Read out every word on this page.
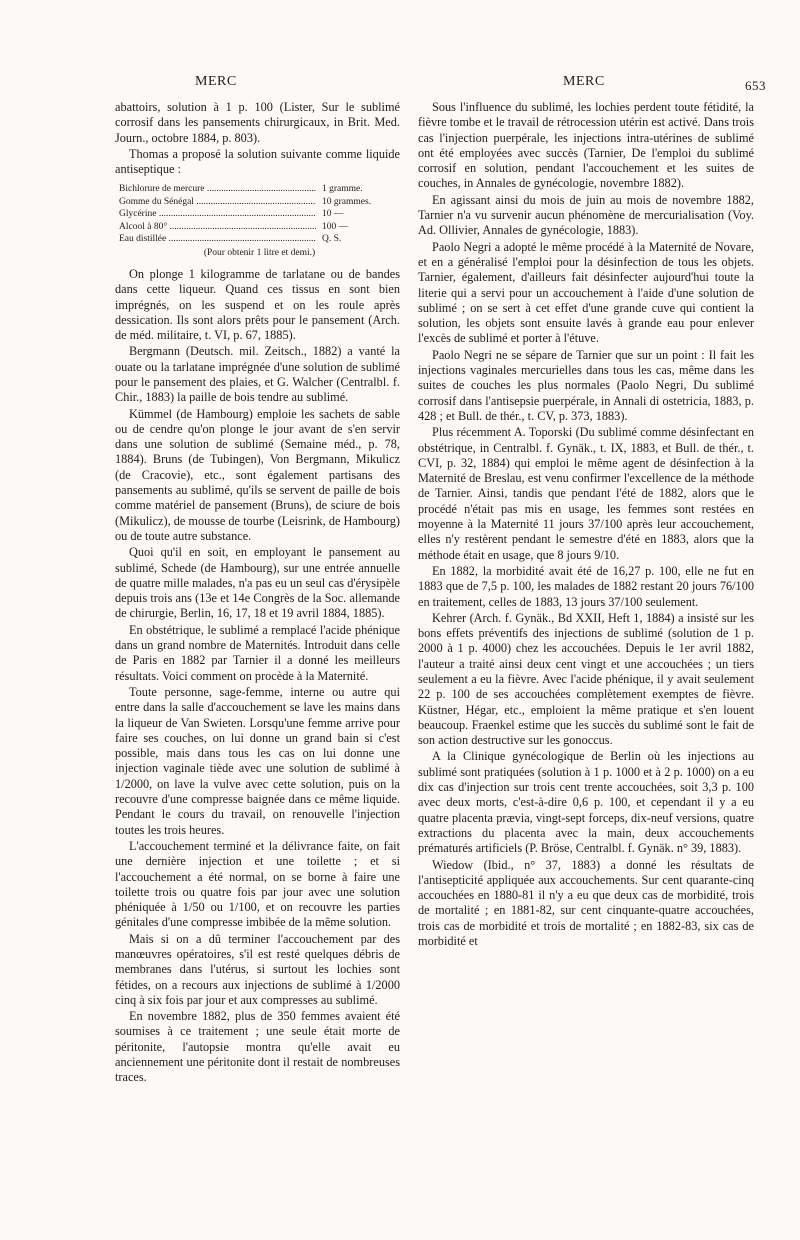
MERC	MERC	653

abattoirs, solution à 1 p. 100 (Lister, Sur le sublimé corrosif dans les pansements chirurgicaux, in Brit. Med. Journ., octobre 1884, p. 803).

Thomas a proposé la solution suivante comme liquide antiseptique :

Bichlorure de mercure .....	1 gramme.
Gomme du Sénégal .....	10 grammes.
Glycérine .....	10 —
Alcool à 80° .....	100 —
Eau distillée .....	Q. S.
(Pour obtenir 1 litre et demi.)

On plonge 1 kilogramme de tarlatane ou de bandes dans cette liqueur. Quand ces tissus en sont bien imprégnés, on les suspend et on les roule après dessication. Ils sont alors prêts pour le pansement (Arch. de méd. militaire, t. VI, p. 67, 1885).

Bergmann (Deutsch. mil. Zeitsch., 1882) a vanté la ouate ou la tarlatane imprégnée d'une solution de sublimé pour le pansement des plaies, et G. Walcher (Centralbl. f. Chir., 1883) la paille de bois tendre au sublimé.

Kümmel (de Hambourg) emploie les sachets de sable ou de cendre qu'on plonge le jour avant de s'en servir dans une solution de sublimé (Semaine méd., p. 78, 1884). Bruns (de Tubingen), Von Bergmann, Mikulicz (de Cracovie), etc., sont également partisans des pansements au sublimé, qu'ils se servent de paille de bois comme matériel de pansement (Bruns), de sciure de bois (Mikulicz), de mousse de tourbe (Leisrink, de Hambourg) ou de toute autre substance.

Quoi qu'il en soit, en employant le pansement au sublimé, Schede (de Hambourg), sur une entrée annuelle de quatre mille malades, n'a pas eu un seul cas d'érysipèle depuis trois ans (13e et 14e Congrès de la Soc. allemande de chirurgie, Berlin, 16, 17, 18 et 19 avril 1884, 1885).

En obstétrique, le sublimé a remplacé l'acide phénique dans un grand nombre de Maternités. Introduit dans celle de Paris en 1882 par Tarnier il a donné les meilleurs résultats. Voici comment on procède à la Maternité.

Toute personne, sage-femme, interne ou autre qui entre dans la salle d'accouchement se lave les mains dans la liqueur de Van Swieten. Lorsqu'une femme arrive pour faire ses couches, on lui donne un grand bain si c'est possible, mais dans tous les cas on lui donne une injection vaginale tiède avec une solution de sublimé à 1/2000, on lave la vulve avec cette solution, puis on la recouvre d'une compresse baignée dans ce même liquide. Pendant le cours du travail, on renouvelle l'injection toutes les trois heures.

L'accouchement terminé et la délivrance faite, on fait une dernière injection et une toilette ; et si l'accouchement a été normal, on se borne à faire une toilette trois ou quatre fois par jour avec une solution phéniquée à 1/50 ou 1/100, et on recouvre les parties génitales d'une compresse imbibée de la même solution.

Mais si on a dû terminer l'accouchement par des manœuvres opératoires, s'il est resté quelques débris de membranes dans l'utérus, si surtout les lochies sont fétides, on a recours aux injections de sublimé à 1/2000 cinq à six fois par jour et aux compresses au sublimé.

En novembre 1882, plus de 350 femmes avaient été soumises à ce traitement ; une seule était morte de péritonite, l'autopsie montra qu'elle avait eu anciennement une péritonite dont il restait de nombreuses traces.

Sous l'influence du sublimé, les lochies perdent toute fétidité, la fièvre tombe et le travail de rétrocession utérin est activé. Dans trois cas l'injection puerpérale, les injections intra-utérines de sublimé ont été employées avec succès (Tarnier, De l'emploi du sublimé corrosif en solution, pendant l'accouchement et les suites de couches, in Annales de gynécologie, novembre 1882).

En agissant ainsi du mois de juin au mois de novembre 1882, Tarnier n'a vu survenir aucun phénomène de mercurialisation (Voy. Ad. Ollivier, Annales de gynécologie, 1883).

Paolo Negri a adopté le même procédé à la Maternité de Novare, et en a généralisé l'emploi pour la désinfection de tous les objets. Tarnier, également, d'ailleurs fait désinfecter aujourd'hui toute la literie qui a servi pour un accouchement à l'aide d'une solution de sublimé ; on se sert à cet effet d'une grande cuve qui contient la solution, les objets sont ensuite lavés à grande eau pour enlever l'excès de sublimé et porter à l'étuve.

Paolo Negri ne se sépare de Tarnier que sur un point : Il fait les injections vaginales mercurielles dans tous les cas, même dans les suites de couches les plus normales (Paolo Negri, Du sublimé corrosif dans l'antisepsie puerpérale, in Annali di ostetricia, 1883, p. 428 ; et Bull. de thér., t. CV, p. 373, 1883).

Plus récemment A. Toporski (Du sublimé comme désinfectant en obstétrique, in Centralbl. f. Gynäk., t. IX, 1883, et Bull. de thér., t. CVI, p. 32, 1884) qui emploi le même agent de désinfection à la Maternité de Breslau, est venu confirmer l'excellence de la méthode de Tarnier. Ainsi, tandis que pendant l'été de 1882, alors que le procédé n'était pas mis en usage, les femmes sont restées en moyenne à la Maternité 11 jours 37/100 après leur accouchement, elles n'y restèrent pendant le semestre d'été en 1883, alors que la méthode était en usage, que 8 jours 9/10.

En 1882, la morbidité avait été de 16,27 p. 100, elle ne fut en 1883 que de 7,5 p. 100, les malades de 1882 restant 20 jours 76/100 en traitement, celles de 1883, 13 jours 37/100 seulement.

Kehrer (Arch. f. Gynäk., Bd XXII, Heft 1, 1884) a insisté sur les bons effets préventifs des injections de sublimé (solution de 1 p. 2000 à 1 p. 4000) chez les accouchées. Depuis le 1er avril 1882, l'auteur a traité ainsi deux cent vingt et une accouchées ; un tiers seulement a eu la fièvre. Avec l'acide phénique, il y avait seulement 22 p. 100 de ses accouchées complètement exemptes de fièvre. Küstner, Hégar, etc., emploient la même pratique et s'en louent beaucoup. Fraenkel estime que les succès du sublimé sont le fait de son action destructive sur les gonoccus.

A la Clinique gynécologique de Berlin où les injections au sublimé sont pratiquées (solution à 1 p. 1000 et à 2 p. 1000) on a eu dix cas d'injection sur trois cent trente accouchées, soit 3,3 p. 100 avec deux morts, c'est-à-dire 0,6 p. 100, et cependant il y a eu quatre placenta prævia, vingt-sept forceps, dix-neuf versions, quatre extractions du placenta avec la main, deux accouchements prématurés artificiels (P. Bröse, Centralbl. f. Gynäk. n° 39, 1883).

Wiedow (Ibid., n° 37, 1883) a donné les résultats de l'antisepticité appliquée aux accouchements. Sur cent quarante-cinq accouchées en 1880-81 il n'y a eu que deux cas de morbidité, trois de mortalité ; en 1881-82, sur cent cinquante-quatre accouchées, trois cas de morbidité et trois de mortalité ; en 1882-83, six cas de morbidité et
